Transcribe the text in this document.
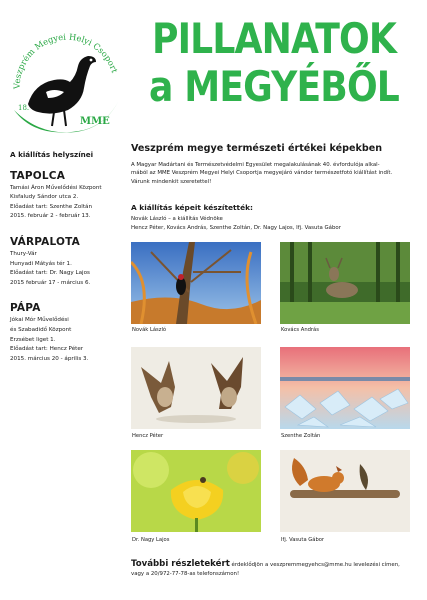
Veszprém Megyei Helyi Csoport
18.
MME
PILLANATOK
a MEGYÉBŐL
A kiállítás helyszínei
TAPOLCA

Tamási Áron Művelődési Központ

Kisfaludy Sándor utca 2.

Előadást tart: Szenthe Zoltán

2015. február 2 - február 13.

VÁRPALOTA

Thury-Vár

Hunyadi Mátyás tér 1.

Előadást tart: Dr. Nagy Lajos

2015 február 17 - március 6.

PÁPA

Jókai Mór Művelődési

és Szabadidő Központ

Erzsébet liget 1.

Előadást tart: Hencz Péter

2015. március 20 - április 3.

Veszprém megye természeti értékei képekben

A Magyar Madártani és Természetvédelmi Egyesület megalakulásának 40. évfordulója alkal-

mából az MME Veszprém Megyei Helyi Csoportja megyejáró vándor természetfotó kiállítást indít.

Várunk mindenkit szeretettel!

A kiállítás képeit készítették:

Novák László – a kiállítás Védnöke

Hencz Péter, Kovács András, Szenthe Zoltán, Dr. Nagy Lajos, Ifj. Vasuta Gábor

Novák László	Kovács András
Hencz Péter	Szenthe Zoltán
Dr. Nagy Lajos	Ifj. Vasuta Gábor

További részletekért érdeklődjön a veszpremmegyehcs@mme.hu levelezési címen,

vagy a 20/972-77-78-as telefonszámon!
